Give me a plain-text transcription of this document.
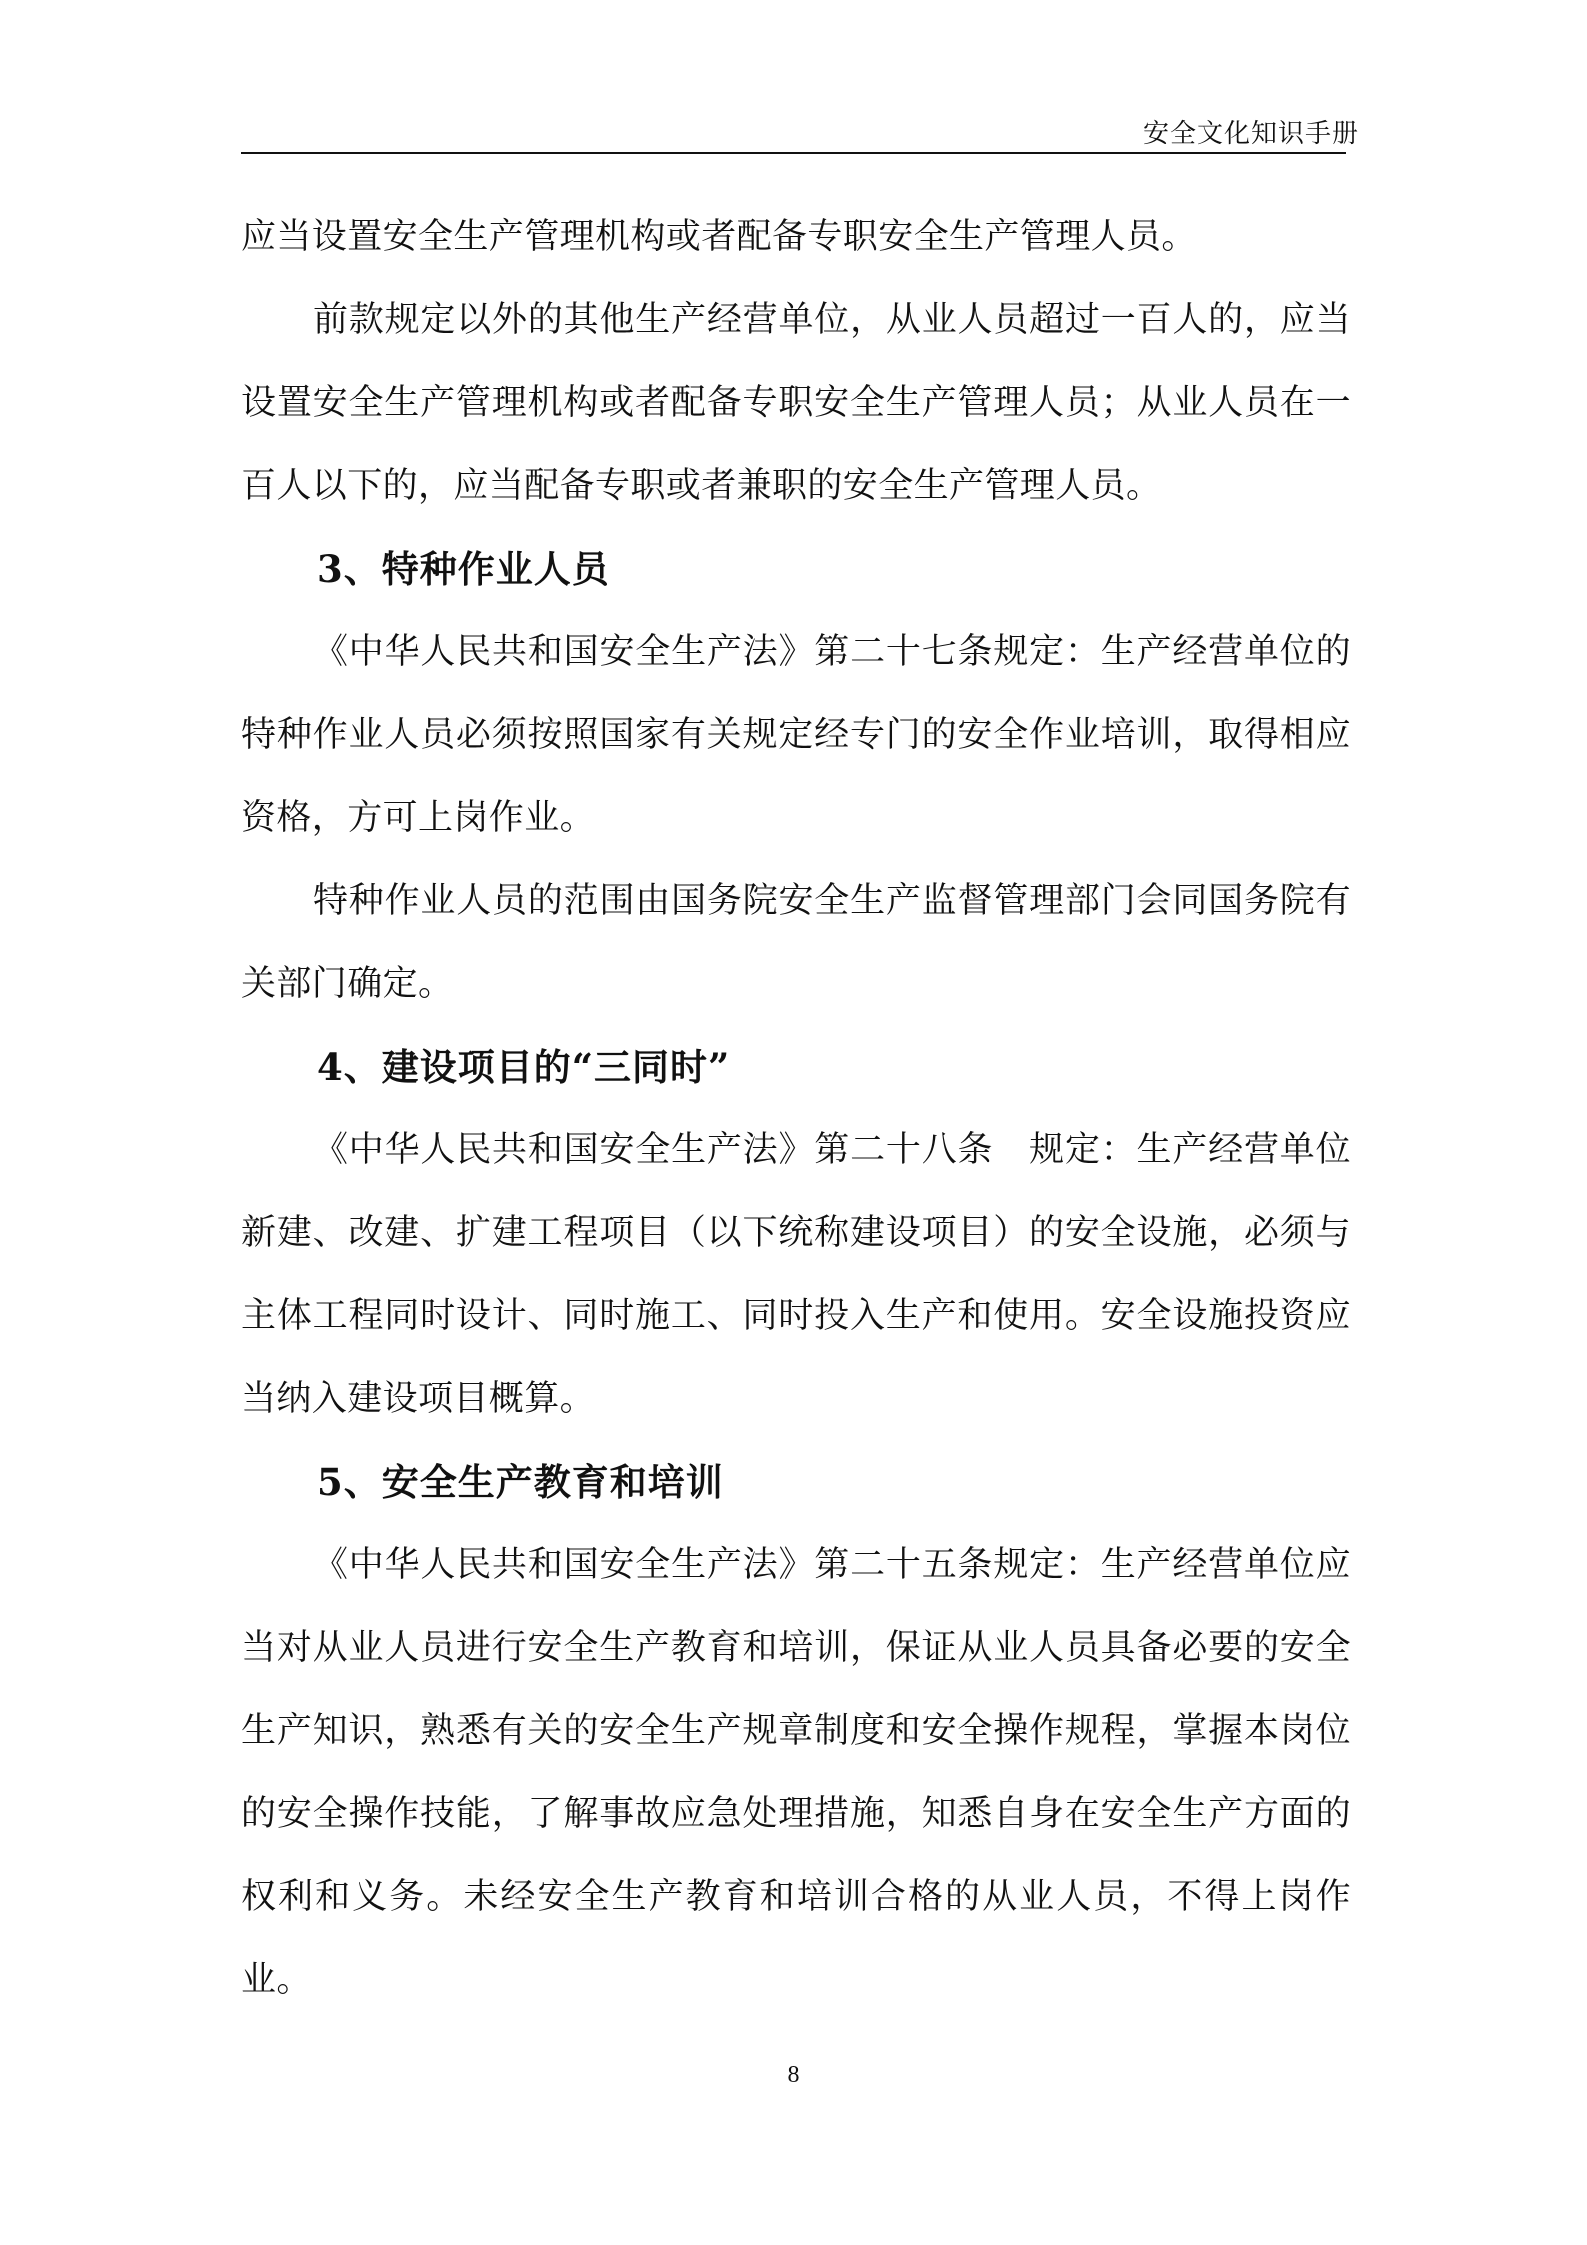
安全文化知识手册

应当设置安全生产管理机构或者配备专职安全生产管理人员。

前款规定以外的其他生产经营单位，从业人员超过一百人的，应当设置安全生产管理机构或者配备专职安全生产管理人员；从业人员在一百人以下的，应当配备专职或者兼职的安全生产管理人员。

3、特种作业人员

《中华人民共和国安全生产法》第二十七条规定：生产经营单位的特种作业人员必须按照国家有关规定经专门的安全作业培训，取得相应资格，方可上岗作业。

特种作业人员的范围由国务院安全生产监督管理部门会同国务院有关部门确定。

4、建设项目的“三同时”

《中华人民共和国安全生产法》第二十八条　规定：生产经营单位新建、改建、扩建工程项目（以下统称建设项目）的安全设施，必须与主体工程同时设计、同时施工、同时投入生产和使用。安全设施投资应当纳入建设项目概算。

5、安全生产教育和培训

《中华人民共和国安全生产法》第二十五条规定：生产经营单位应当对从业人员进行安全生产教育和培训，保证从业人员具备必要的安全生产知识，熟悉有关的安全生产规章制度和安全操作规程，掌握本岗位的安全操作技能，了解事故应急处理措施，知悉自身在安全生产方面的权利和义务。未经安全生产教育和培训合格的从业人员，不得上岗作业。

8
